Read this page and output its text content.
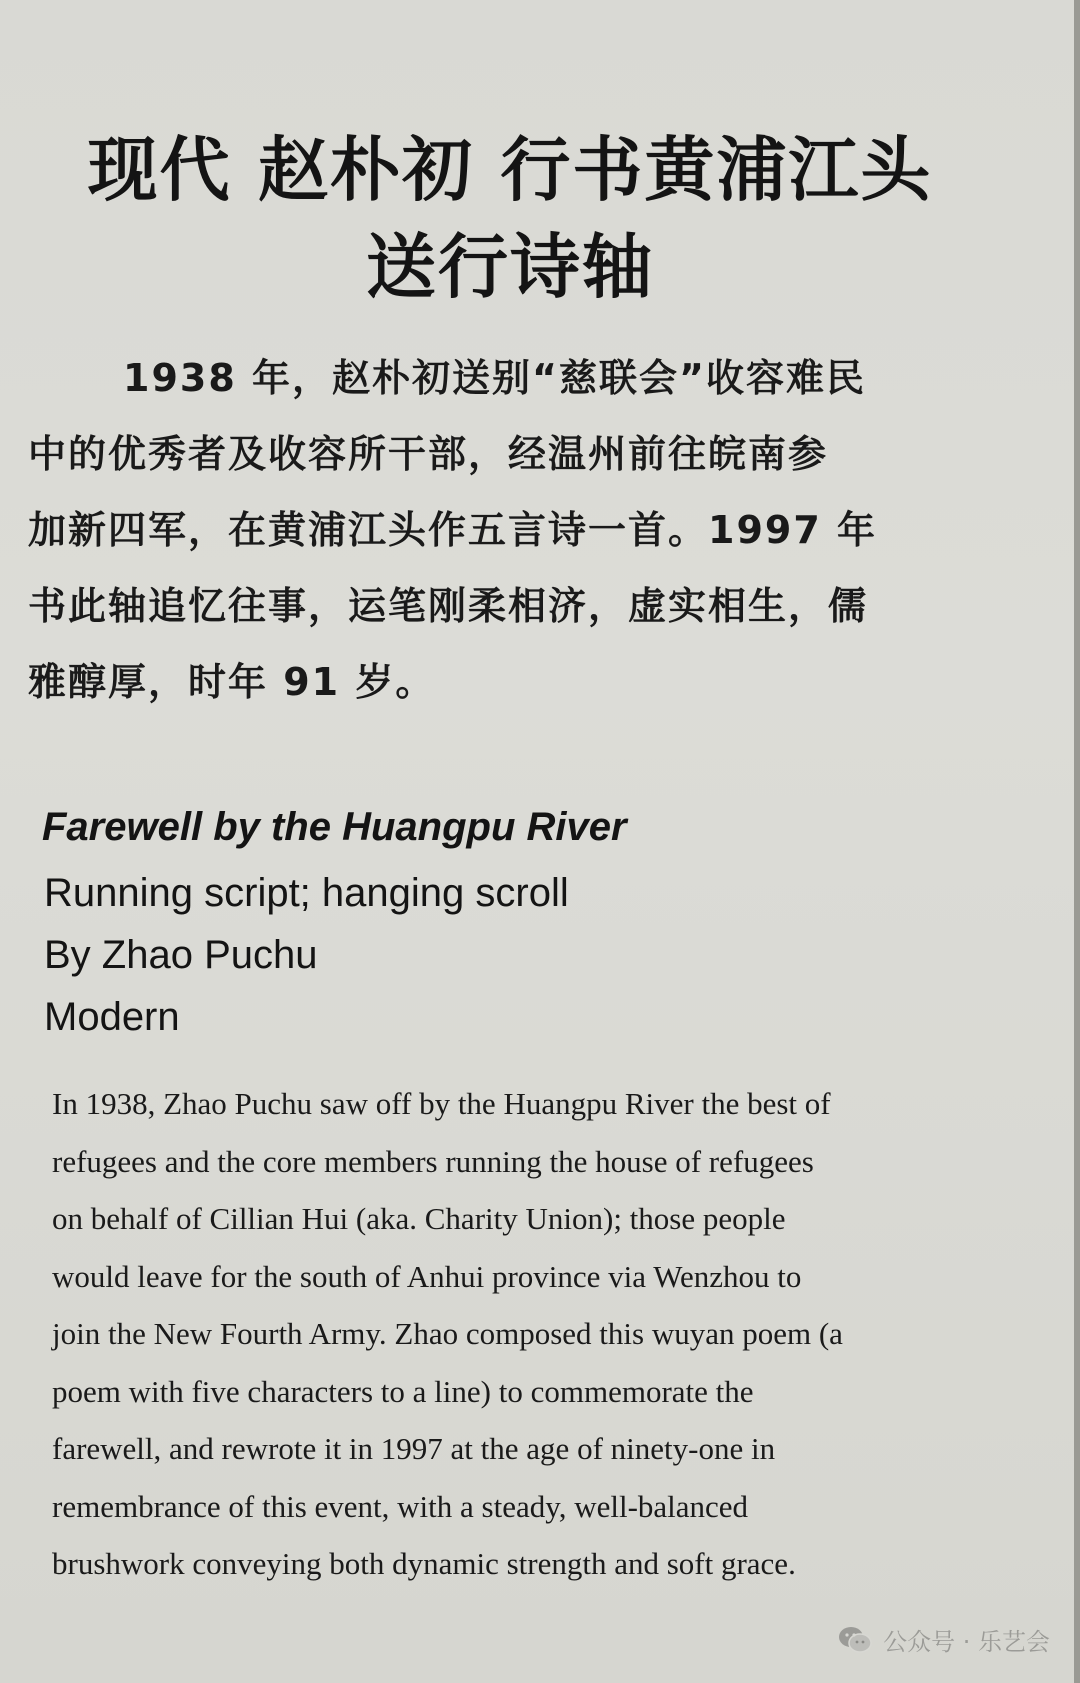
现代 赵朴初 行书黄浦江头
送行诗轴
1938 年，赵朴初送别“慈联会”收容难民
中的优秀者及收容所干部，经温州前往皖南参
加新四军，在黄浦江头作五言诗一首。1997 年
书此轴追忆往事，运笔刚柔相济，虚实相生，儒
雅醇厚，时年 91 岁。
Farewell by the Huangpu River
Running script; hanging scroll
By Zhao Puchu
Modern
In 1938, Zhao Puchu saw off by the Huangpu River the best of
refugees and the core members running the house of refugees
on behalf of Cillian Hui (aka. Charity Union); those people
would leave for the south of Anhui province via Wenzhou to
join the New Fourth Army. Zhao composed this wuyan poem (a
poem with five characters to a line) to commemorate the
farewell, and rewrote it in 1997 at the age of ninety-one in
remembrance of this event, with a steady, well-balanced
brushwork conveying both dynamic strength and soft grace.
公众号 · 乐艺会
